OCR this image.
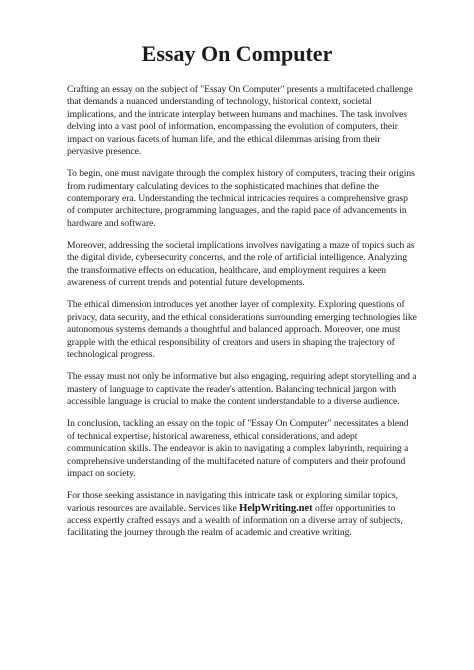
Essay On Computer

Crafting an essay on the subject of "Essay On Computer" presents a multifaceted challenge that demands a nuanced understanding of technology, historical context, societal implications, and the intricate interplay between humans and machines. The task involves delving into a vast pool of information, encompassing the evolution of computers, their impact on various facets of human life, and the ethical dilemmas arising from their pervasive presence.

To begin, one must navigate through the complex history of computers, tracing their origins from rudimentary calculating devices to the sophisticated machines that define the contemporary era. Understanding the technical intricacies requires a comprehensive grasp of computer architecture, programming languages, and the rapid pace of advancements in hardware and software.

Moreover, addressing the societal implications involves navigating a maze of topics such as the digital divide, cybersecurity concerns, and the role of artificial intelligence. Analyzing the transformative effects on education, healthcare, and employment requires a keen awareness of current trends and potential future developments.

The ethical dimension introduces yet another layer of complexity. Exploring questions of privacy, data security, and the ethical considerations surrounding emerging technologies like autonomous systems demands a thoughtful and balanced approach. Moreover, one must grapple with the ethical responsibility of creators and users in shaping the trajectory of technological progress.

The essay must not only be informative but also engaging, requiring adept storytelling and a mastery of language to captivate the reader's attention. Balancing technical jargon with accessible language is crucial to make the content understandable to a diverse audience.

In conclusion, tackling an essay on the topic of "Essay On Computer" necessitates a blend of technical expertise, historical awareness, ethical considerations, and adept communication skills. The endeavor is akin to navigating a complex labyrinth, requiring a comprehensive understanding of the multifaceted nature of computers and their profound impact on society.

For those seeking assistance in navigating this intricate task or exploring similar topics, various resources are available. Services like HelpWriting.net offer opportunities to access expertly crafted essays and a wealth of information on a diverse array of subjects, facilitating the journey through the realm of academic and creative writing.
